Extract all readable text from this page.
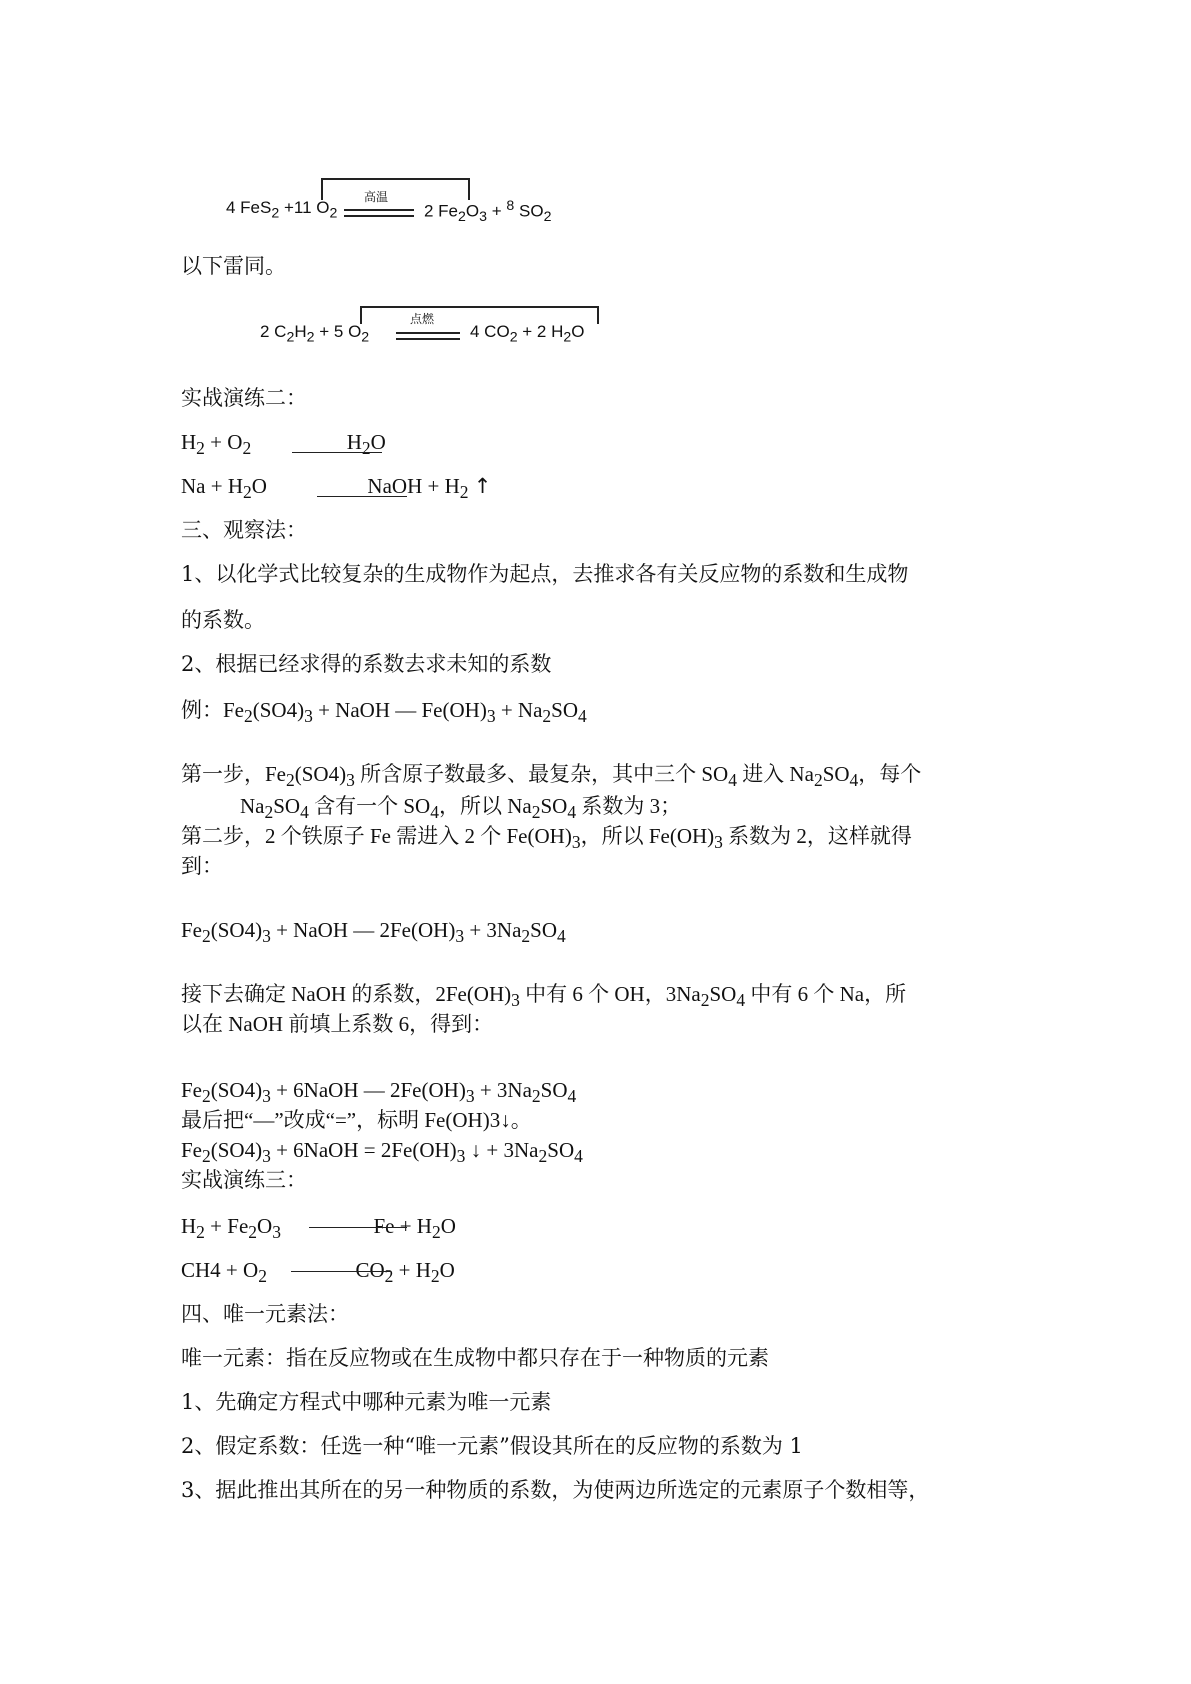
4 FeS$_2$ +11 $O_2$
高温
2 $Fe_2O_3 + ^8$ $SO_2$
以下雷同。
2 $C_2H_2 + 5$ $O_2$
点燃
4 $CO_2 + 2$ $H_2O$
实战演练二：
$H_2 + O_2$	$H_2O$
$Na + H_2O$	NaOH + $H_2$ ↑
三、观察法：
1、以化学式比较复杂的生成物作为起点，去推求各有关反应物的系数和生成物
的系数。
2、根据已经求得的系数去求未知的系数
例：$Fe_2(SO4)_3$ + NaOH — $Fe(OH)_3 + Na_2SO_4$
第一步，$Fe_2(SO4)_3$ 所含原子数最多、最复杂，其中三个 $SO_4$ 进入 $Na_2SO_4$，每个
$Na_2SO_4$ 含有一个 $SO_4$，所以 $Na_2SO_4$ 系数为 3；
第二步，2 个铁原子 Fe 需进入 2 个 $Fe(OH)_3$，所以 $Fe(OH)_3$ 系数为 2，这样就得
到：
$Fe_2(SO4)_3$ + NaOH — $2Fe(OH)_3 + 3Na_2SO_4$
接下去确定 NaOH 的系数，$2Fe(OH)_3$ 中有 6 个 OH，$3Na_2SO_4$ 中有 6 个 Na，所
以在 NaOH 前填上系数 6，得到：
$Fe_2(SO4)_3$ + 6NaOH — $2Fe(OH)_3 + 3Na_2SO_4$
最后把“—”改成“=”，标明 Fe(OH)3↓。
$Fe_2(SO4)_3$ + 6NaOH = $2Fe(OH)_3$ ↓ + $3Na_2SO_4$
实战演练三：
$H_2 + Fe_2O_3$	$Fe + H_2O$
$CH4 + O_2$	$CO_2 + H_2O$
四、唯一元素法：
唯一元素：指在反应物或在生成物中都只存在于一种物质的元素
1、先确定方程式中哪种元素为唯一元素
2、假定系数：任选一种“唯一元素”假设其所在的反应物的系数为 1
3、据此推出其所在的另一种物质的系数，为使两边所选定的元素原子个数相等，
